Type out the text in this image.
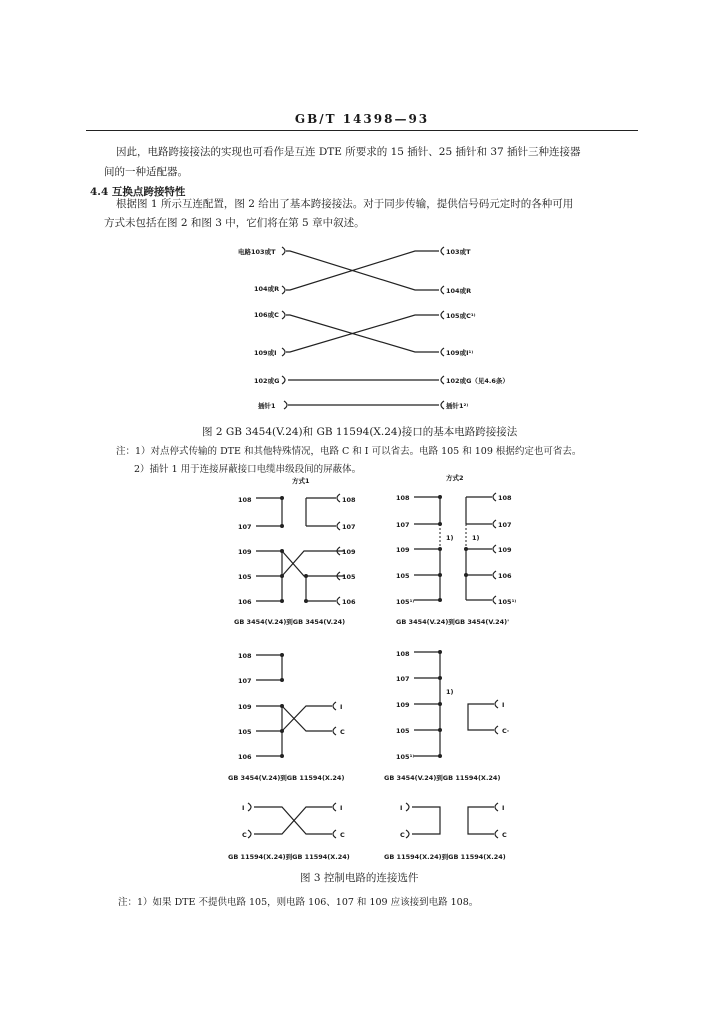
GB/T 14398—93
因此，电路跨接接法的实现也可看作是互连 DTE 所要求的 15 插针、25 插针和 37 插针三种连接器
间的一种适配器。
4.4 互换点跨接特性
根据图 1 所示互连配置，图 2 给出了基本跨接接法。对于同步传输，提供信号码元定时的各种可用
方式未包括在图 2 和图 3 中，它们将在第 5 章中叙述。
电路103或T
104或R
106或C
109或I
102或G
插针1
103或T
104或R
105或C¹⁾
109或I¹⁾
102或G（见4.6条）
插针1²⁾
图 2 GB 3454(V.24)和 GB 11594(X.24)接口的基本电路跨接接法
注：1）对点停式传输的 DTE 和其他特殊情况，电路 C 和 I 可以省去。电路 105 和 109 根据约定也可省去。
2）插针 1 用于连接屏蔽接口电缆串级段间的屏蔽体。
方式1	方式2
108
107
109
105
106
108
107
109
105
106
GB 3454(V.24)到GB 3454(V.24)
108
107
109
105
105¹⁾
1)	1)
108
107
109
106
105¹⁾
GB 3454(V.24)到GB 3454(V.24)'
108
107
109
105
106
I
C
GB 3454(V.24)到GB 11594(X.24)
108
107
109
105
105¹⁾
1)
I
C·
GB 3454(V.24)到GB 11594(X.24)
I
C
I
C
GB 11594(X.24)到GB 11594(X.24)
I
C
I
C
GB 11594(X.24)到GB 11594(X.24)
图 3 控制电路的连接选件
注：1）如果 DTE 不提供电路 105，则电路 106、107 和 109 应该接到电路 108。
